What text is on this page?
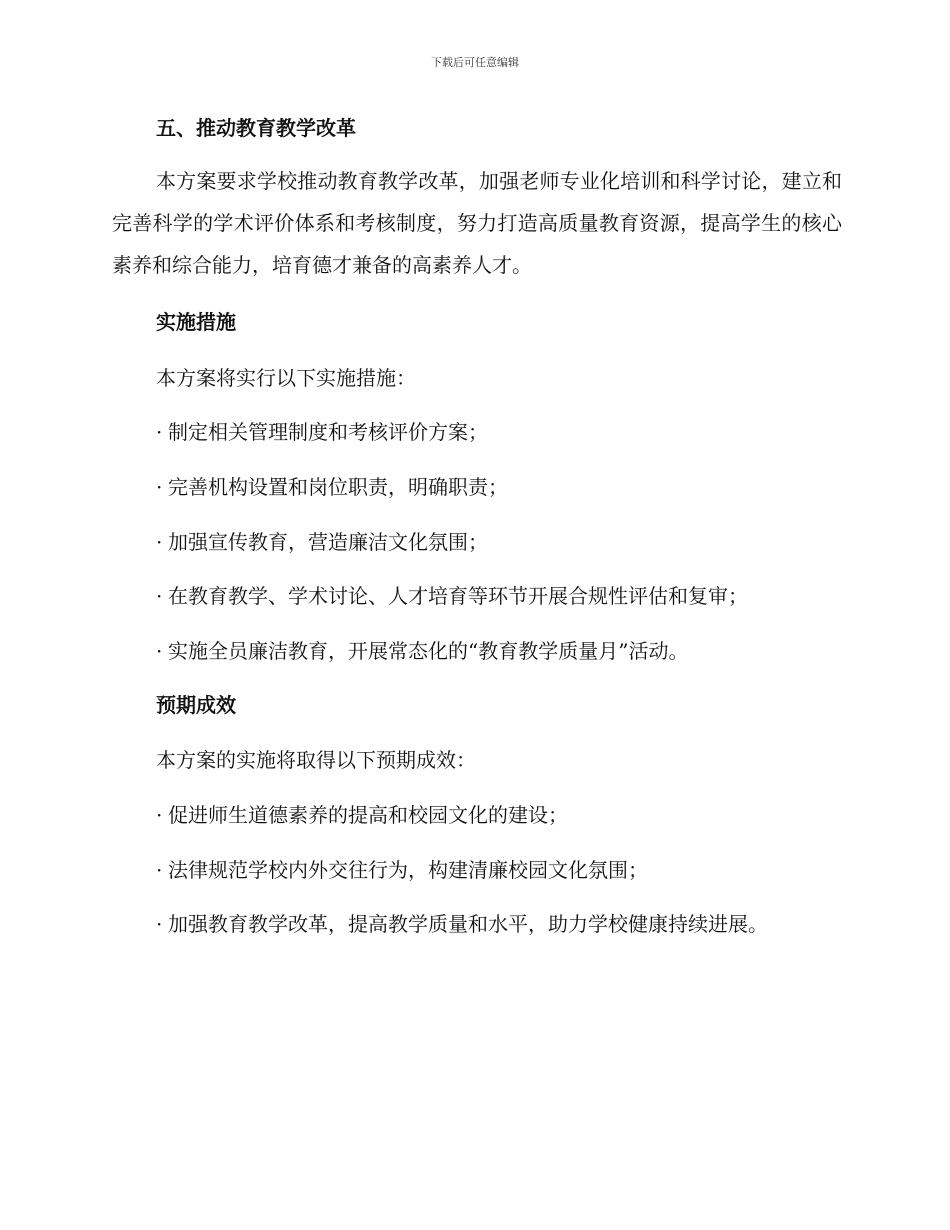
下载后可任意编辑
五、推动教育教学改革
本方案要求学校推动教育教学改革，加强老师专业化培训和科学讨论，建立和完善科学的学术评价体系和考核制度，努力打造高质量教育资源，提高学生的核心素养和综合能力，培育德才兼备的高素养人才。
实施措施
本方案将实行以下实施措施：
· 制定相关管理制度和考核评价方案；
· 完善机构设置和岗位职责，明确职责；
· 加强宣传教育，营造廉洁文化氛围；
· 在教育教学、学术讨论、人才培育等环节开展合规性评估和复审；
· 实施全员廉洁教育，开展常态化的“教育教学质量月”活动。
预期成效
本方案的实施将取得以下预期成效：
· 促进师生道德素养的提高和校园文化的建设；
· 法律规范学校内外交往行为，构建清廉校园文化氛围；
· 加强教育教学改革，提高教学质量和水平，助力学校健康持续进展。
